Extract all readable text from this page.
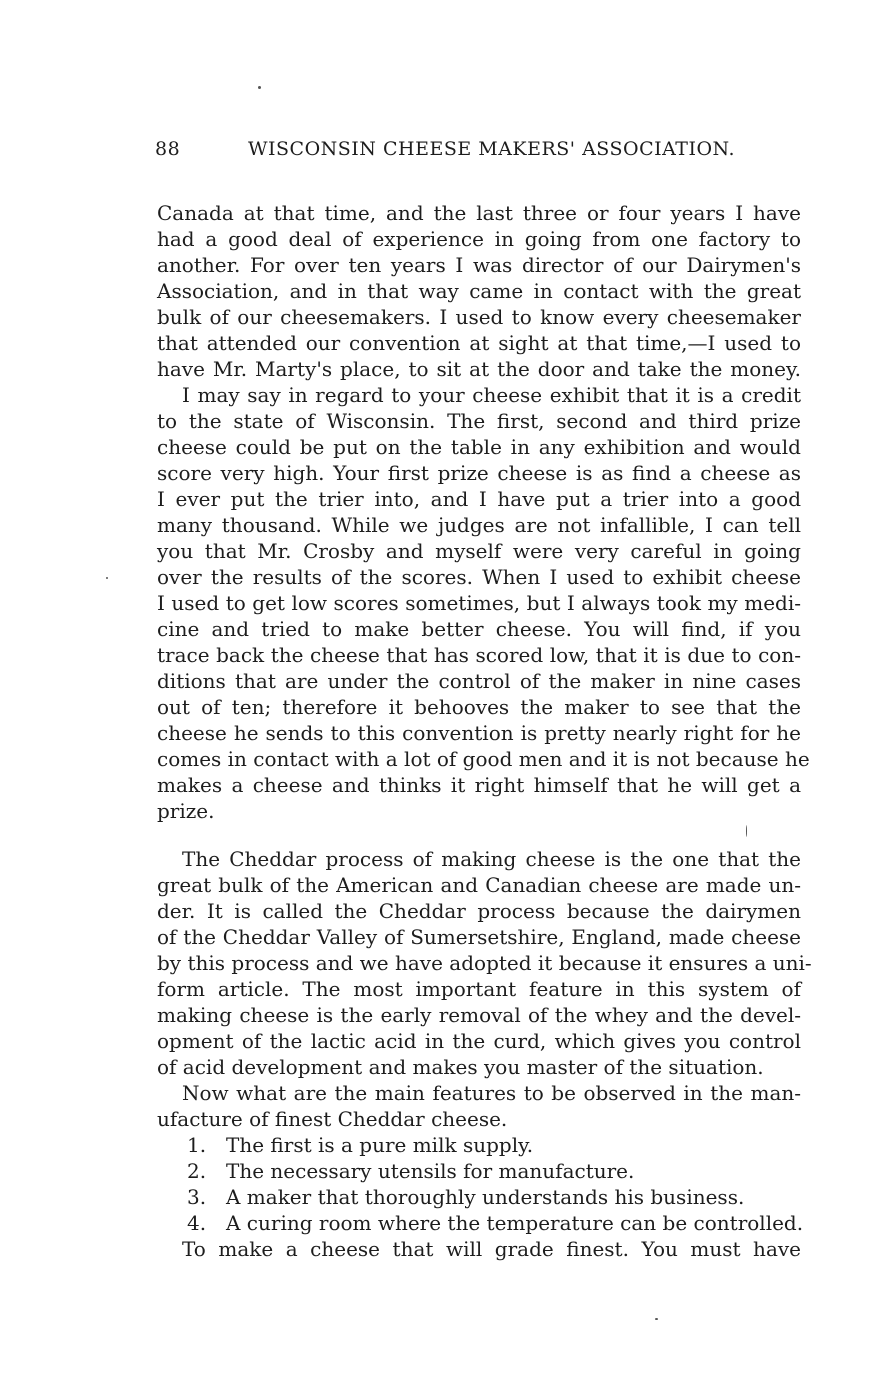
88	WISCONSIN CHEESE MAKERS' ASSOCIATION.
Canada at that time, and the last three or four years I have
had a good deal of experience in going from one factory to
another. For over ten years I was director of our Dairymen's
Association, and in that way came in contact with the great
bulk of our cheesemakers. I used to know every cheesemaker
that attended our convention at sight at that time,—I used to
have Mr. Marty's place, to sit at the door and take the money.
I may say in regard to your cheese exhibit that it is a credit
to the state of Wisconsin. The first, second and third prize
cheese could be put on the table in any exhibition and would
score very high. Your first prize cheese is as find a cheese as
I ever put the trier into, and I have put a trier into a good
many thousand. While we judges are not infallible, I can tell
you that Mr. Crosby and myself were very careful in going
over the results of the scores. When I used to exhibit cheese
I used to get low scores sometimes, but I always took my medi-
cine and tried to make better cheese. You will find, if you
trace back the cheese that has scored low, that it is due to con-
ditions that are under the control of the maker in nine cases
out of ten; therefore it behooves the maker to see that the
cheese he sends to this convention is pretty nearly right for he
comes in contact with a lot of good men and it is not because he
makes a cheese and thinks it right himself that he will get a
prize.
The Cheddar process of making cheese is the one that the
great bulk of the American and Canadian cheese are made un-
der. It is called the Cheddar process because the dairymen
of the Cheddar Valley of Sumersetshire, England, made cheese
by this process and we have adopted it because it ensures a uni-
form article. The most important feature in this system of
making cheese is the early removal of the whey and the devel-
opment of the lactic acid in the curd, which gives you control
of acid development and makes you master of the situation.
Now what are the main features to be observed in the man-
ufacture of finest Cheddar cheese.
1. The first is a pure milk supply.
2. The necessary utensils for manufacture.
3. A maker that thoroughly understands his business.
4. A curing room where the temperature can be controlled.
To make a cheese that will grade finest. You must have
